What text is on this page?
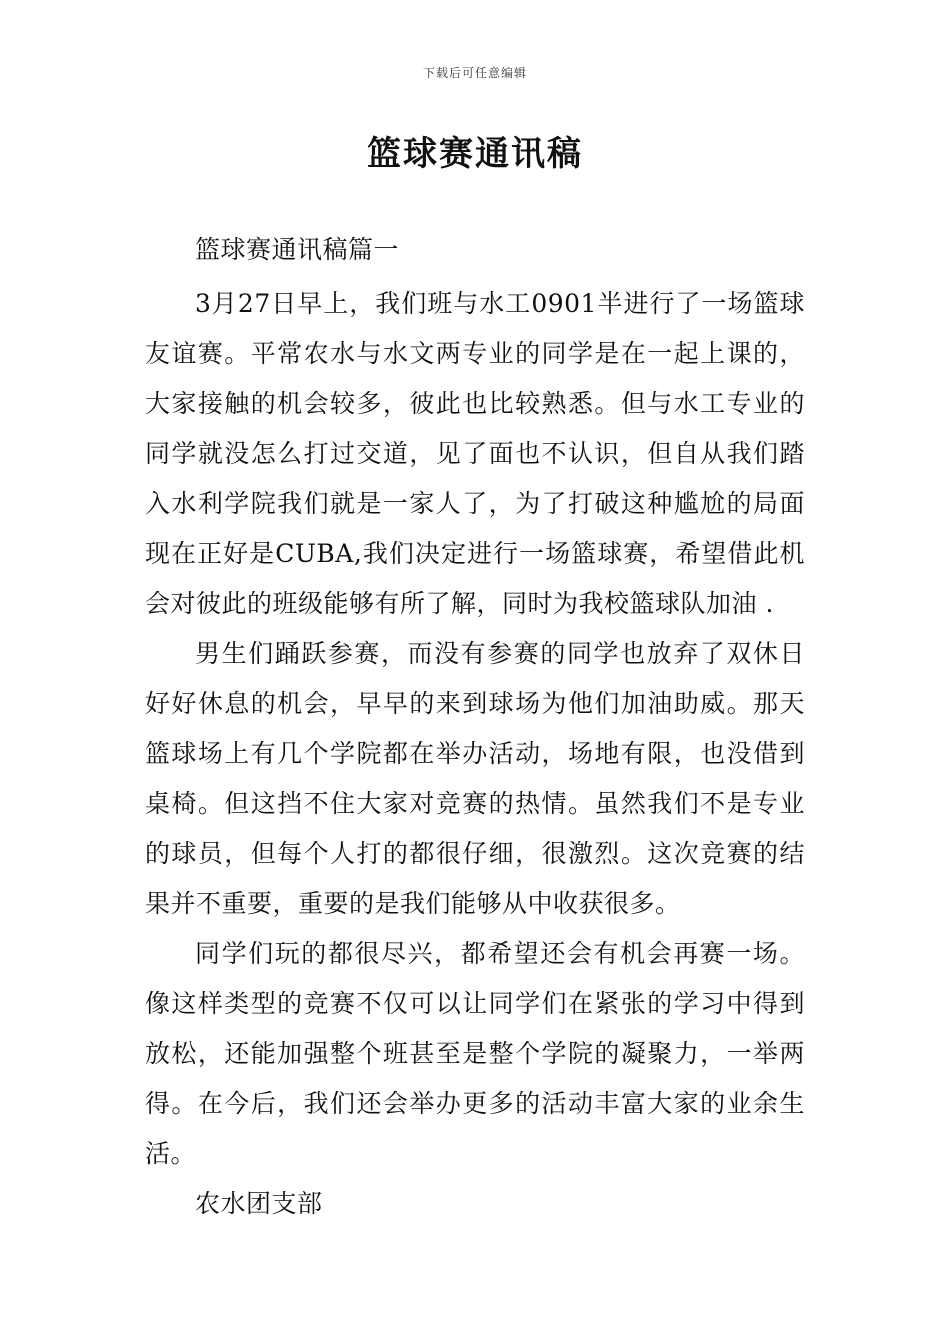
下载后可任意编辑
篮球赛通讯稿

篮球赛通讯稿篇一

3月27日早上，我们班与水工0901半进行了一场篮球友谊赛。平常农水与水文两专业的同学是在一起上课的，大家接触的机会较多，彼此也比较熟悉。但与水工专业的同学就没怎么打过交道，见了面也不认识，但自从我们踏入水利学院我们就是一家人了，为了打破这种尴尬的局面现在正好是CUBA,我们决定进行一场篮球赛，希望借此机会对彼此的班级能够有所了解，同时为我校篮球队加油 .

男生们踊跃参赛，而没有参赛的同学也放弃了双休日好好休息的机会，早早的来到球场为他们加油助威。那天篮球场上有几个学院都在举办活动，场地有限，也没借到桌椅。但这挡不住大家对竞赛的热情。虽然我们不是专业的球员，但每个人打的都很仔细，很激烈。这次竞赛的结果并不重要，重要的是我们能够从中收获很多。

同学们玩的都很尽兴，都希望还会有机会再赛一场。像这样类型的竞赛不仅可以让同学们在紧张的学习中得到放松，还能加强整个班甚至是整个学院的凝聚力，一举两得。在今后，我们还会举办更多的活动丰富大家的业余生活。

农水团支部
